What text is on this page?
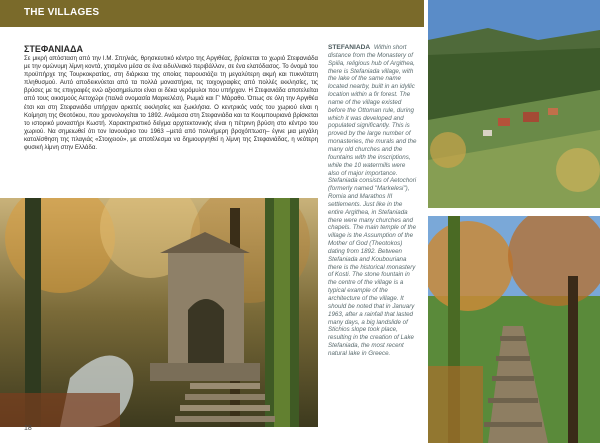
THE VILLAGES
ΣΤΕΦΑΝΙΑΔΑ
Σε μικρή απόσταση από την Ι.Μ. Σπηλιάς, θρησκευτικό κέντρο της Αργιθέας, βρίσκεται το χωριό Στεφανιάδα με την ομώνυμη λίμνη κοντά, χτισμένο μέσα σε ένα ειδυλλιακό περιβάλλον, σε ένα ελατόδασος. Το όνομά του προϋπήρχε της Τουρκοκρατίας, στη διάρκεια της οποίας παρουσιάζει τη μεγαλύτερη ακμή και πυκνότατη πληθυσμού. Αυτό αποδεικνύεται από τα πολλά μοναστήρια, τις τοιχογραφίες από πολλές εκκλησίες, τις βρύσες με τις επιγραφές ενώ αξιοσημείωτοι είναι οι δέκα νερόμυλοι που υπήρχαν. Η Στεφανιάδα αποτελείται από τους οικισμούς Αετοχώρι (παλιά ονομασία Μαρκελέσι), Ρωμιά και Γ' Μάραθο. Όπως σε όλη την Αργιθέα έτσι και στη Στεφανιάδα υπήρχαν αρκετές εκκλησίες και ξωκλήσια. Ο κεντρικός ναός του χωριού είναι η Κοίμηση της Θεοτόκου, που χρονολογείται το 1892. Ανάμεσα στη Στεφανιάδα και τα Κουμπουριανά βρίσκεται το ιστορικό μοναστήρι Κωστή. Χαρακτηριστικό δείγμα αρχιτεκτονικής είναι η πέτρινη βρύση στο κέντρο του χωριού. Να σημειωθεί ότι τον Ιανουάριο του 1963 –μετά από πολυήμερη βροχόπτωση– έγινε μια μεγάλη κατολίσθηση της πλαγιάς «Στοιχειού», με αποτέλεσμα να δημιουργηθεί η λίμνη της Στεφανιάδας, η νεότερη φυσική λίμνη στην Ελλάδα.
STEFANIADA Within short distance from the Monastery of Spilia, religious hub of Argithea, there is Stefaniada village, with the lake of the same name located nearby, built in an idyllic location within a fir forest. The name of the village existed before the Ottoman rule, during which it was developed and populated significantly. This is proved by the large number of monasteries, the murals and the many old churches and the fountains with the inscriptions, while the 10 watermills were also of major importance. Stefaniada consists of Aetochori (formerly named "Markelesi"), Romia and Marathos III settlements. Just like in the entire Argithea, in Stefaniada there were many churches and chapels. The main temple of the village is the Assumption of the Mother of God (Theotokos) dating from 1892. Between Stefaniada and Koubouriana there is the historical monastery of Kosti. The stone fountain in the centre of the village is a typical example of the architecture of the village. It should be noted that in January 1963, after a rainfall that lasted many days, a big landslide of Stichios slope took place, resulting in the creation of Lake Stefaniada, the most recent natural lake in Greece.
18
